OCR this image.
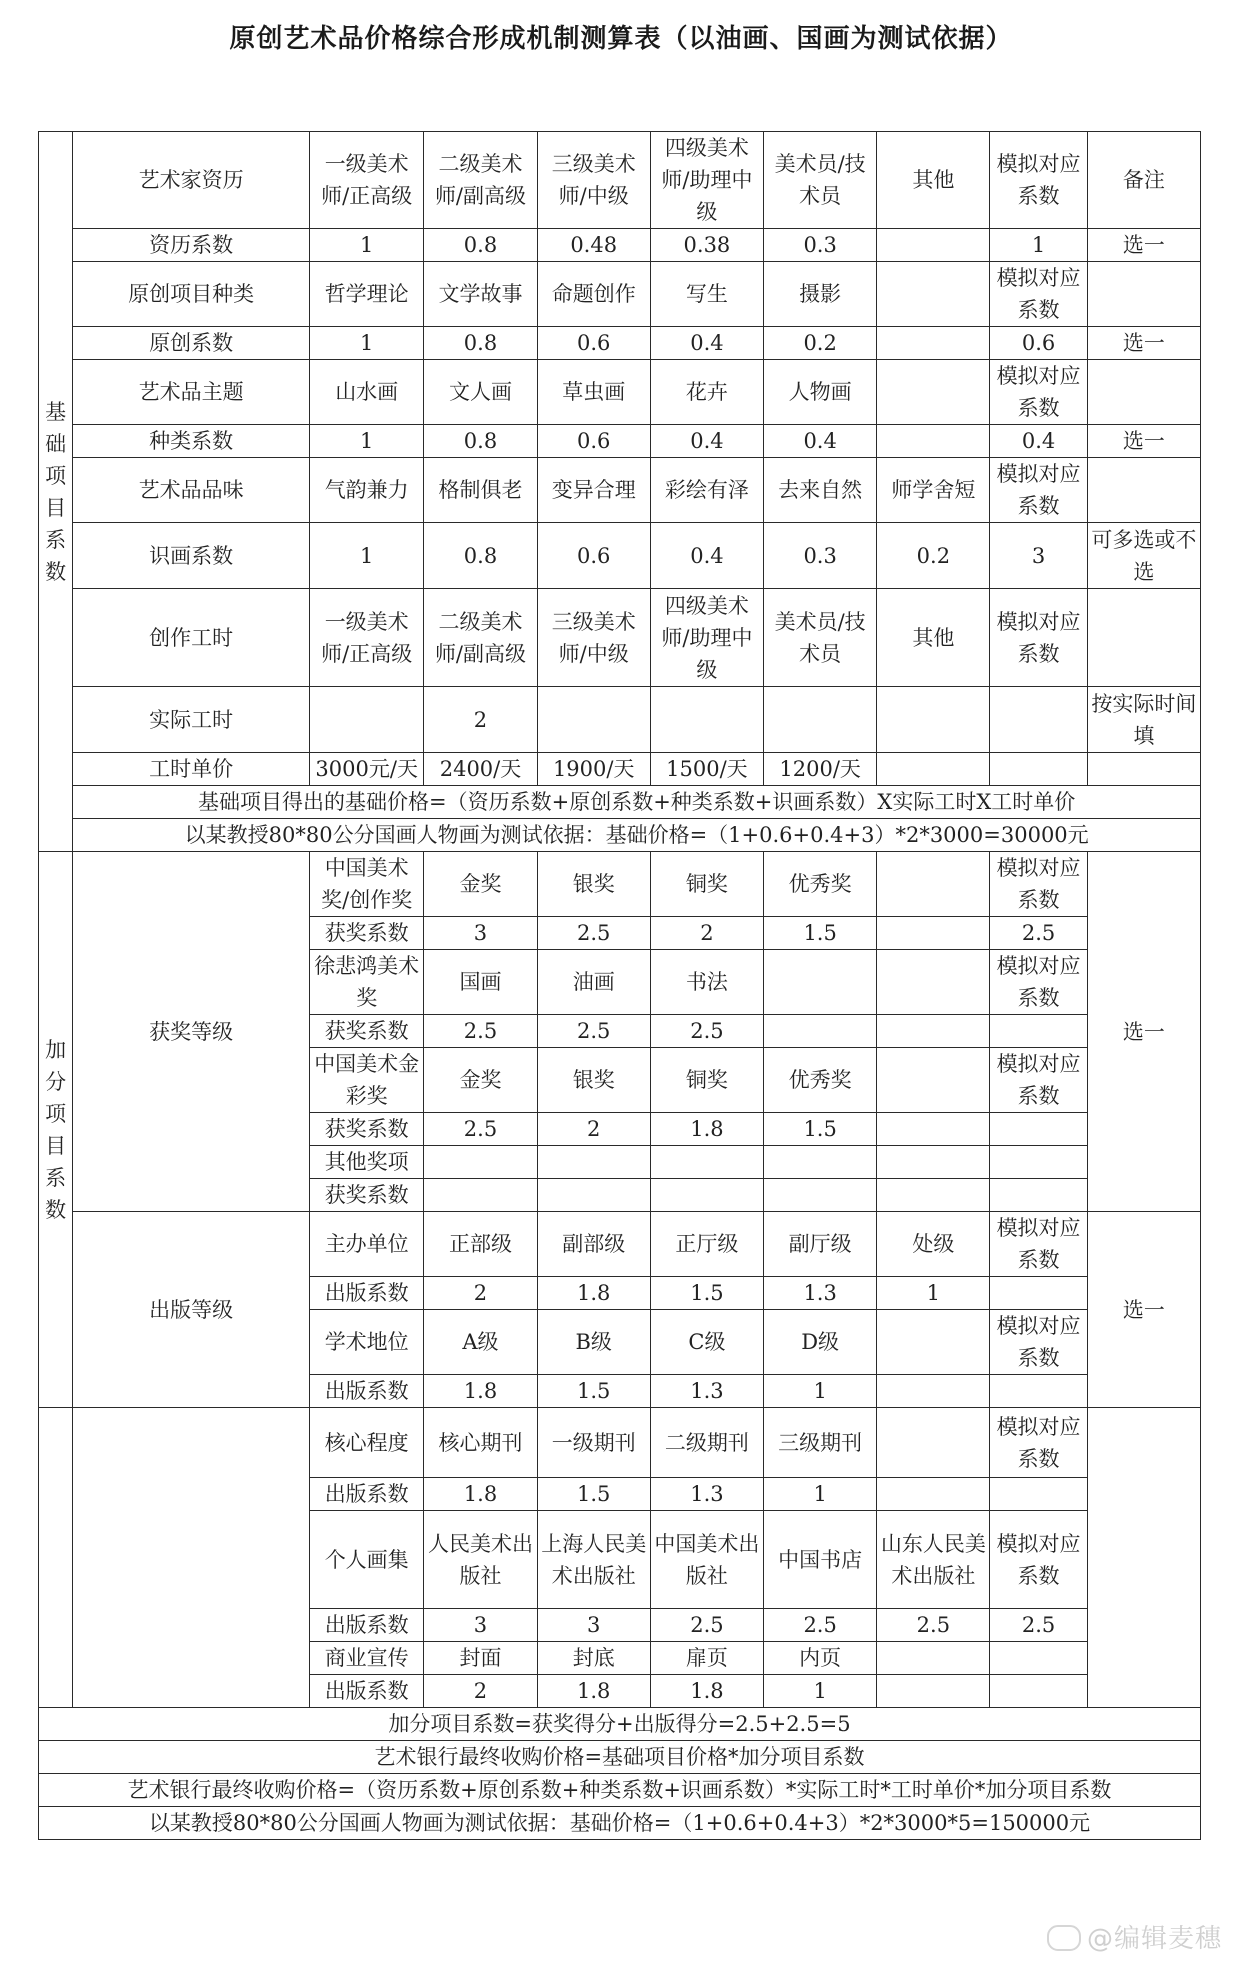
原创艺术品价格综合形成机制测算表（以油画、国画为测试依据）
基础项目系数	艺术家资历	一级美术师/正高级	二级美术师/副高级	三级美术师/中级	四级美术师/助理中级	美术员/技术员	其他	模拟对应系数	备注
	资历系数	1	0.8	0.48	0.38	0.3		1	选一
	原创项目种类	哲学理论	文学故事	命题创作	写生	摄影		模拟对应系数	
	原创系数	1	0.8	0.6	0.4	0.2		0.6	选一
	艺术品主题	山水画	文人画	草虫画	花卉	人物画		模拟对应系数	
	种类系数	1	0.8	0.6	0.4	0.4		0.4	选一
	艺术品品味	气韵兼力	格制俱老	变异合理	彩绘有泽	去来自然	师学舍短	模拟对应系数	
	识画系数	1	0.8	0.6	0.4	0.3	0.2	3	可多选或不选
	创作工时	一级美术师/正高级	二级美术师/副高级	三级美术师/中级	四级美术师/助理中级	美术员/技术员	其他	模拟对应系数	
	实际工时		2						按实际时间填
	工时单价	3000元/天	2400/天	1900/天	1500/天	1200/天			
	基础项目得出的基础价格=（资历系数+原创系数+种类系数+识画系数）X实际工时X工时单价								
	以某教授80*80公分国画人物画为测试依据：基础价格=（1+0.6+0.4+3）*2*3000=30000元								
加分项目系数	获奖等级	中国美术奖/创作奖	金奖	银奖	铜奖	优秀奖		模拟对应系数	选一
		获奖系数	3	2.5	2	1.5		2.5	
		徐悲鸿美术奖	国画	油画	书法			模拟对应系数	
		获奖系数	2.5	2.5	2.5				
		中国美术金彩奖	金奖	银奖	铜奖	优秀奖		模拟对应系数	
		获奖系数	2.5	2	1.8	1.5			
		其他奖项							
		获奖系数							
	出版等级	主办单位	正部级	副部级	正厅级	副厅级	处级	模拟对应系数	选一
		出版系数	2	1.8	1.5	1.3	1		
		学术地位	A级	B级	C级	D级		模拟对应系数	
		出版系数	1.8	1.5	1.3	1			
		核心程度	核心期刊	一级期刊	二级期刊	三级期刊		模拟对应系数	
		出版系数	1.8	1.5	1.3	1			
		个人画集	人民美术出版社	上海人民美术出版社	中国美术出版社	中国书店	山东人民美术出版社	模拟对应系数	
		出版系数	3	3	2.5	2.5	2.5	2.5	
		商业宣传	封面	封底	扉页	内页			
		出版系数	2	1.8	1.8	1			
加分项目系数=获奖得分+出版得分=2.5+2.5=5									
艺术银行最终收购价格=基础项目价格*加分项目系数									
艺术银行最终收购价格=（资历系数+原创系数+种类系数+识画系数）*实际工时*工时单价*加分项目系数									
以某教授80*80公分国画人物画为测试依据：基础价格=（1+0.6+0.4+3）*2*3000*5=150000元									
@编辑麦穗
